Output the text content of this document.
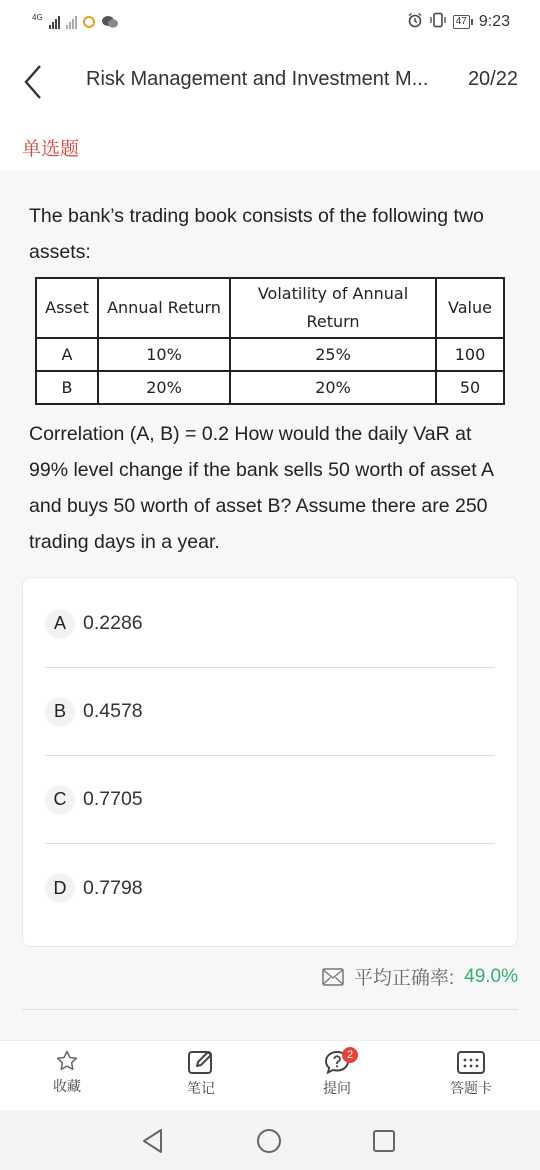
4G	47 9:23
Risk Management and Investment M... 20/22
单选题
The bank’s trading book consists of the following two assets:
Asset	Annual Return	Volatility of Annual Return	Value
A	10%	25%	100
B	20%	20%	50
Correlation (A, B) = 0.2 How would the daily VaR at 99% level change if the bank sells 50 worth of asset A and buys 50 worth of asset B? Assume there are 250 trading days in a year.
A 0.2286
B 0.4578
C 0.7705
D 0.7798
平均正确率: 49.0%
收藏	笔记
2
提问	答题卡
